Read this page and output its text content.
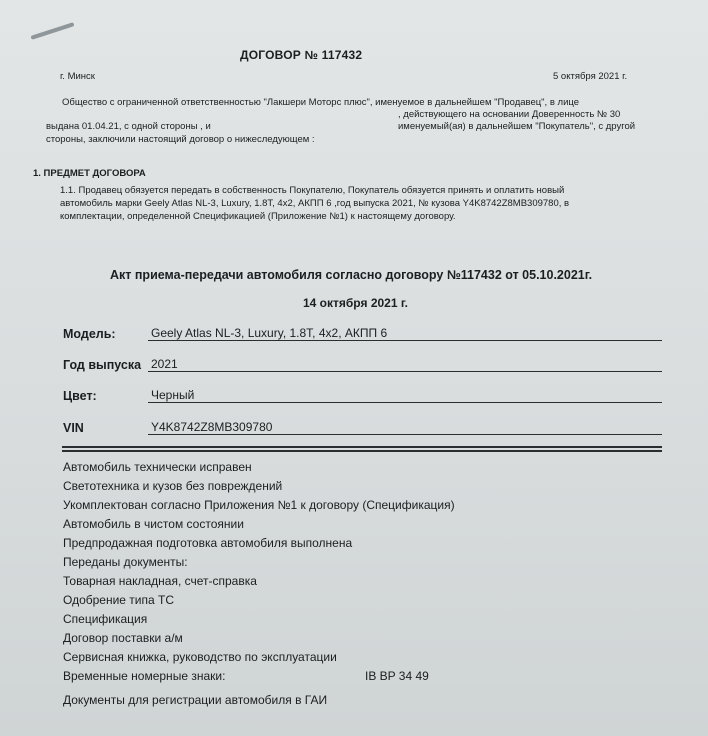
ДОГОВОР № 117432
г. Минск	5 октября 2021 г.
Общество с ограниченной ответственностью "Лакшери Моторс плюс", именуемое в дальнейшем "Продавец", в лице
, действующего на основании Доверенность № 30
выдана 01.04.21, с одной стороны , и	именуемый(ая) в дальнейшем "Покупатель", с другой
стороны, заключили настоящий договор о нижеследующем :
1. ПРЕДМЕТ ДОГОВОРА
1.1. Продавец обязуется передать в собственность Покупателю, Покупатель обязуется принять и оплатить новый
автомобиль марки Geely Atlas NL-3, Luxury, 1.8T, 4x2, АКПП 6 ,год выпуска 2021, № кузова Y4K8742Z8MB309780, в
комплектации, определенной Спецификацией (Приложение №1) к настоящему договору.
Акт приема-передачи автомобиля согласно договору №117432 от 05.10.2021г.
14 октября 2021 г.
Модель:	Geely Atlas NL-3, Luxury, 1.8T, 4x2, АКПП 6
Год выпуска 2021
Цвет:	Черный
VIN	Y4K8742Z8MB309780
Автомобиль технически исправен
Светотехника и кузов без повреждений
Укомплектован согласно Приложения №1 к договору (Спецификация)
Автомобиль в чистом состоянии
Предпродажная подготовка автомобиля выполнена
Переданы документы:
Товарная накладная, счет-справка
Одобрение типа ТС
Спецификация
Договор поставки а/м
Сервисная книжка, руководство по эксплуатации
Временные номерные знаки:	IB BP 34 49
Документы для регистрации автомобиля в ГАИ
